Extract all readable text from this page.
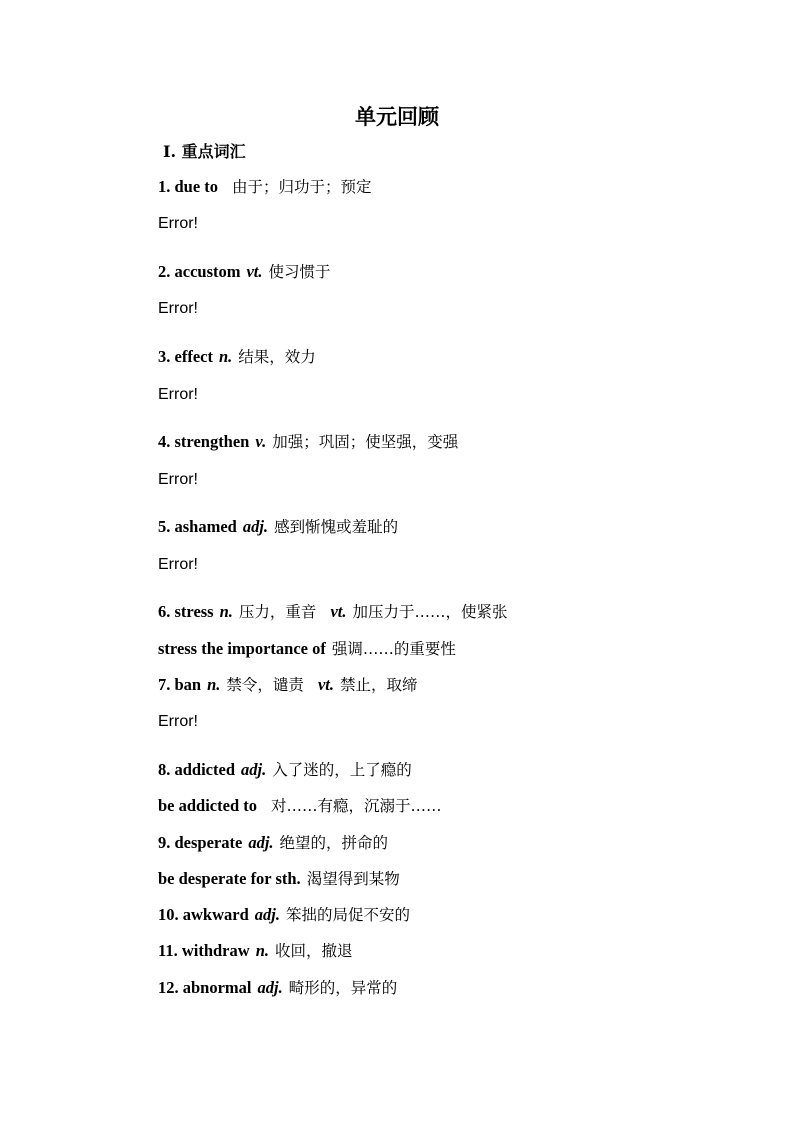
单元回顾
Ⅰ. 重点词汇
1. due to 由于；归功于；预定
Error!
2. accustom vt. 使习惯于
Error!
3. effect n. 结果，效力
Error!
4. strengthen v. 加强；巩固；使坚强，变强
Error!
5. ashamed adj. 感到惭愧或羞耻的
Error!
6. stress n. 压力，重音 vt. 加压力于……，使紧张
stress the importance of 强调……的重要性
7. ban n. 禁令，谴责 vt. 禁止，取缔
Error!
8. addicted adj. 入了迷的，上了瘾的
be addicted to 对……有瘾，沉溺于……
9. desperate adj. 绝望的，拼命的
be desperate for sth. 渴望得到某物
10. awkward adj. 笨拙的局促不安的
11. withdraw n. 收回，撤退
12. abnormal adj. 畸形的，异常的
